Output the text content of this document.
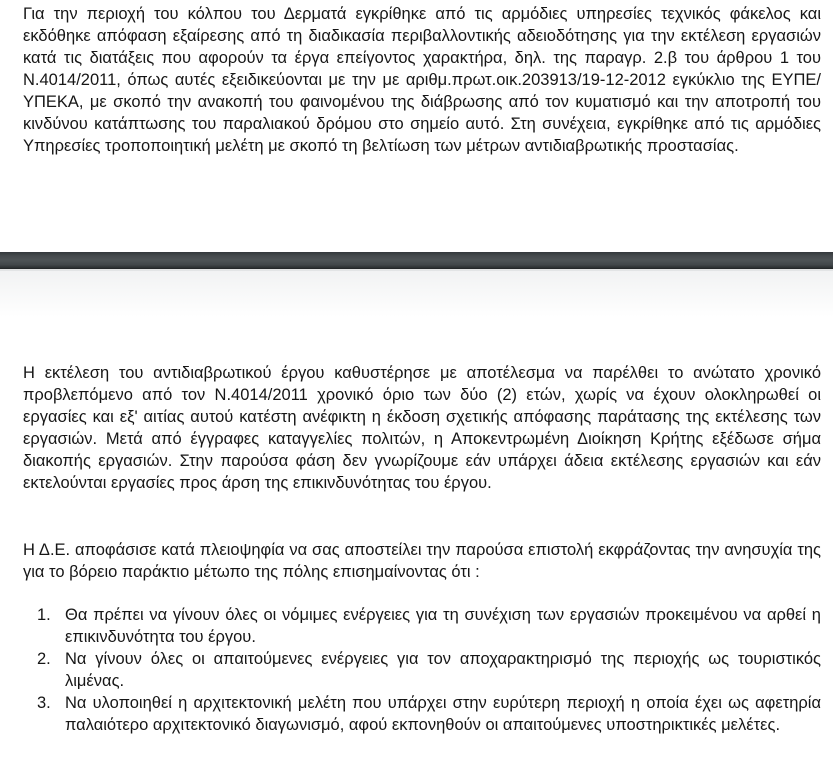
Για την περιοχή του κόλπου του Δερματά εγκρίθηκε από τις αρμόδιες υπηρεσίες τεχνικός φάκελος και εκδόθηκε απόφαση εξαίρεσης από τη διαδικασία περιβαλλοντικής αδειοδότησης για την εκτέλεση εργασιών κατά τις διατάξεις που αφορούν τα έργα επείγοντος χαρακτήρα, δηλ. της παραγρ. 2.β του άρθρου 1 του Ν.4014/2011, όπως αυτές εξειδικεύονται με την με αριθμ.πρωτ.οικ.203913/19-12-2012 εγκύκλιο της ΕΥΠΕ/ΥΠΕΚΑ, με σκοπό την ανακοπή του φαινομένου της διάβρωσης από τον κυματισμό και την αποτροπή του κινδύνου κατάπτωσης του παραλιακού δρόμου στο σημείο αυτό. Στη συνέχεια, εγκρίθηκε από τις αρμόδιες Υπηρεσίες τροποποιητική μελέτη με σκοπό τη βελτίωση των μέτρων αντιδιαβρωτικής προστασίας.

Η εκτέλεση του αντιδιαβρωτικού έργου καθυστέρησε με αποτέλεσμα να παρέλθει το ανώτατο χρονικό προβλεπόμενο από τον Ν.4014/2011 χρονικό όριο των δύο (2) ετών, χωρίς να έχουν ολοκληρωθεί οι εργασίες και εξ' αιτίας αυτού κατέστη ανέφικτη η έκδοση σχετικής απόφασης παράτασης της εκτέλεσης των εργασιών. Μετά από έγγραφες καταγγελίες πολιτών, η Αποκεντρωμένη Διοίκηση Κρήτης εξέδωσε σήμα διακοπής εργασιών. Στην παρούσα φάση δεν γνωρίζουμε εάν υπάρχει άδεια εκτέλεσης εργασιών και εάν εκτελούνται εργασίες προς άρση της επικινδυνότητας του έργου.

Η Δ.Ε. αποφάσισε κατά πλειοψηφία να σας αποστείλει την παρούσα επιστολή εκφράζοντας την ανησυχία της για το βόρειο παράκτιο μέτωπο της πόλης επισημαίνοντας ότι :

1. Θα πρέπει να γίνουν όλες οι νόμιμες ενέργειες για τη συνέχιση των εργασιών προκειμένου να αρθεί η επικινδυνότητα του έργου.

2. Να γίνουν όλες οι απαιτούμενες ενέργειες για τον αποχαρακτηρισμό της περιοχής ως τουριστικός λιμένας.

3. Να υλοποιηθεί η αρχιτεκτονική μελέτη που υπάρχει στην ευρύτερη περιοχή η οποία έχει ως αφετηρία παλαιότερο αρχιτεκτονικό διαγωνισμό, αφού εκπονηθούν οι απαιτούμενες υποστηρικτικές μελέτες.
